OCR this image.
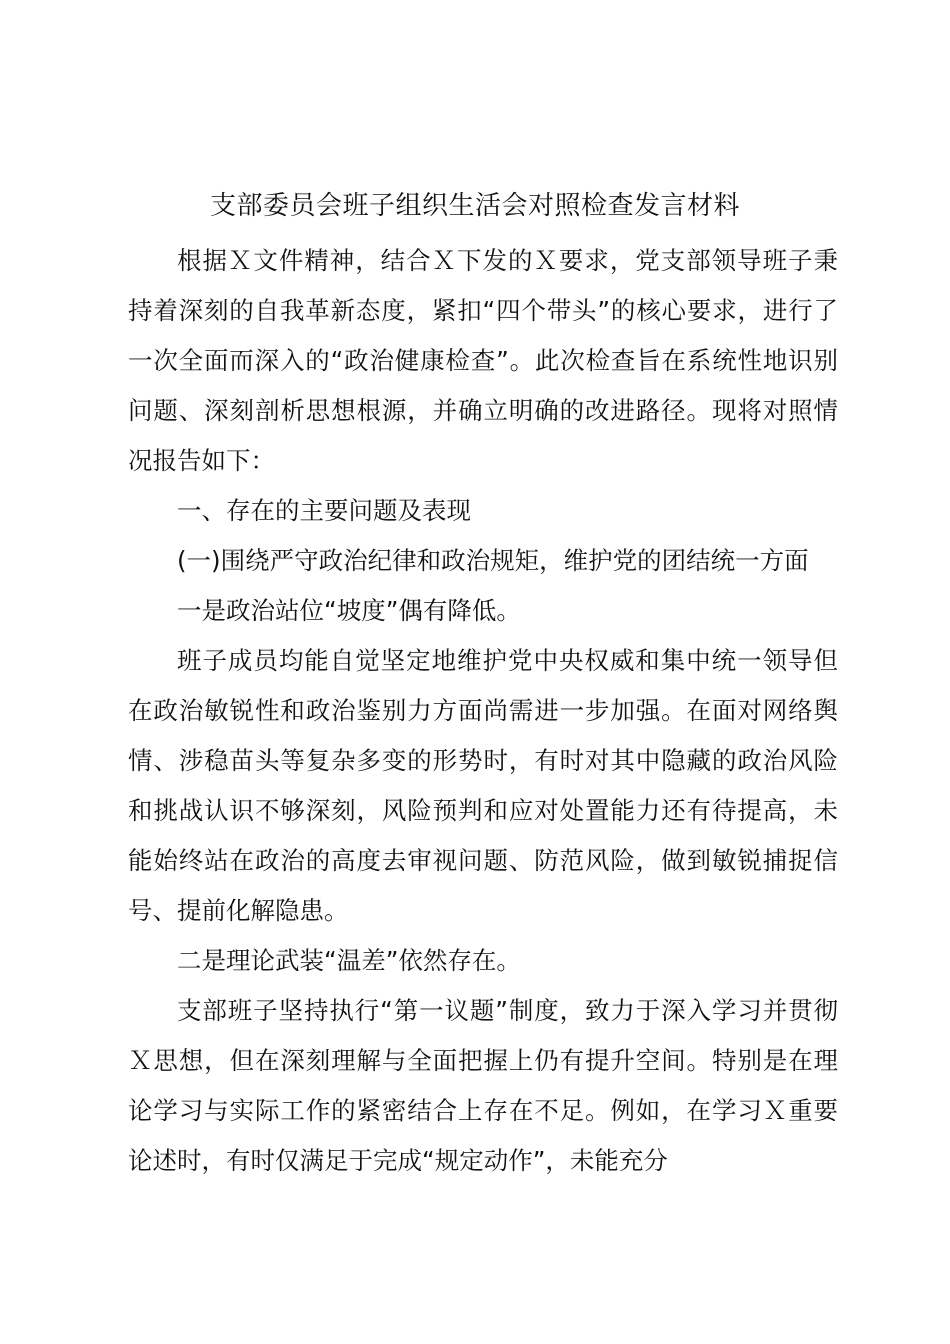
支部委员会班子组织生活会对照检查发言材料

根据Ｘ文件精神，结合Ｘ下发的Ｘ要求，党支部领导班子秉持着深刻的自我革新态度，紧扣“四个带头”的核心要求，进行了一次全面而深入的“政治健康检查”。此次检查旨在系统性地识别问题、深刻剖析思想根源，并确立明确的改进路径。现将对照情况报告如下：

一、存在的主要问题及表现

(一)围绕严守政治纪律和政治规矩，维护党的团结统一方面

一是政治站位“坡度”偶有降低。

班子成员均能自觉坚定地维护党中央权威和集中统一领导但在政治敏锐性和政治鉴别力方面尚需进一步加强。在面对网络舆情、涉稳苗头等复杂多变的形势时，有时对其中隐藏的政治风险和挑战认识不够深刻，风险预判和应对处置能力还有待提高，未能始终站在政治的高度去审视问题、防范风险，做到敏锐捕捉信号、提前化解隐患。

二是理论武装“温差”依然存在。

支部班子坚持执行“第一议题”制度，致力于深入学习并贯彻Ｘ思想，但在深刻理解与全面把握上仍有提升空间。特别是在理论学习与实际工作的紧密结合上存在不足。例如，在学习Ｘ重要论述时，有时仅满足于完成“规定动作”，未能充分
